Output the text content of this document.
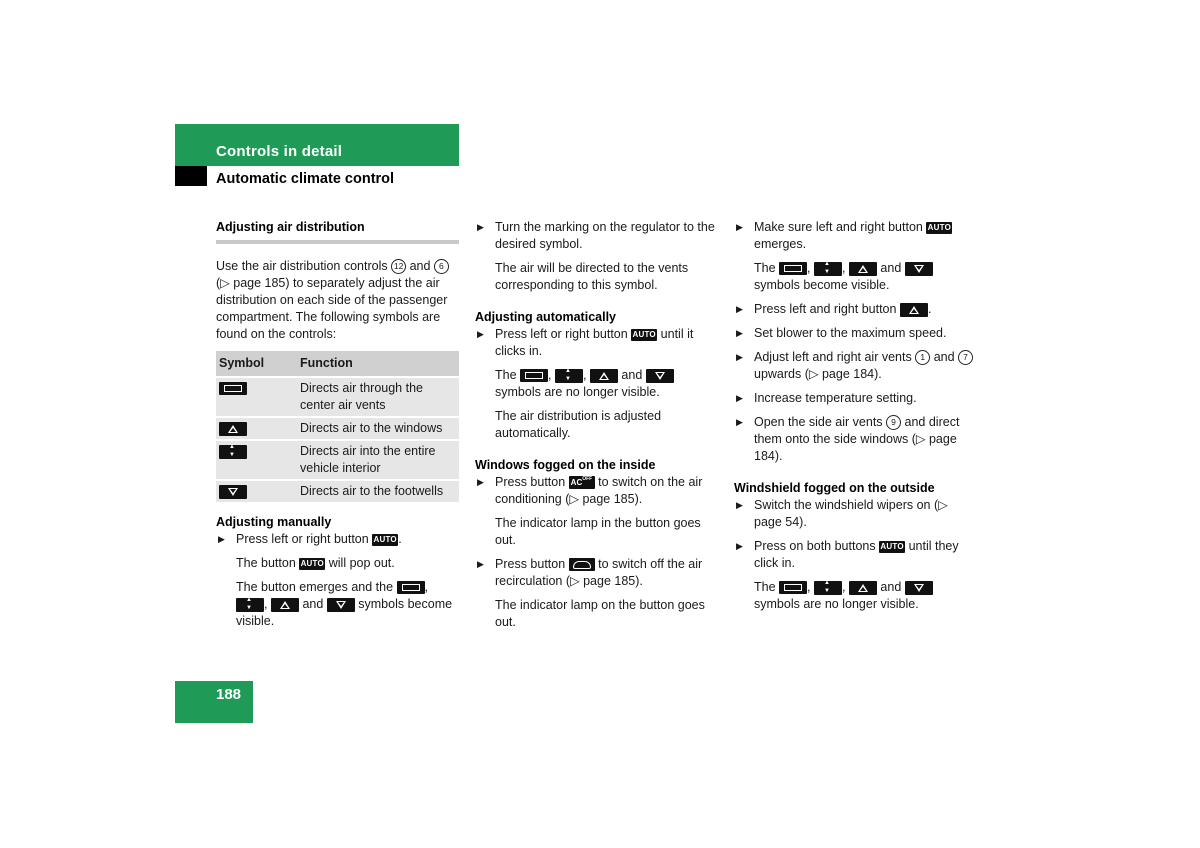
Controls in detail
Automatic climate control

Adjusting air distribution

Use the air distribution controls 12 and 6 (▷ page 185) to separately adjust the air distribution on each side of the passenger compartment. The following symbols are found on the controls:

Symbol	Function
	Directs air through the center air vents
	Directs air to the windows
▼ ▲	Directs air into the entire vehicle interior
	Directs air to the footwells

Adjusting manually

▶ Press left or right button AUTO.
The button AUTO will pop out.
The button emerges and the	, ▼ ▲,	and	symbols become visible.
▶ Turn the marking on the regulator to the desired symbol.
The air will be directed to the vents corresponding to this symbol.

Adjusting automatically

▶ Press left or right button AUTO until it clicks in.
The	, ▼ ▲,	and  symbols are no longer visible.
The air distribution is adjusted automatically.

Windows fogged on the inside

▶ Press button $AC^{OFF}$ to switch on the air conditioning (▷ page 185).
The indicator lamp in the button goes out.
▶ Press button	to switch off the air recirculation (▷ page 185).
The indicator lamp on the button goes out.
▶ Make sure left and right button AUTO emerges.
The	, ▼ ▲,	and  symbols become visible.
▶ Press left and right button	.
▶ Set blower to the maximum speed.
▶ Adjust left and right air vents 1 and 7 upwards (▷ page 184).
▶ Increase temperature setting.
▶ Open the side air vents 9 and direct them onto the side windows (▷ page 184).

Windshield fogged on the outside

▶ Switch the windshield wipers on (▷ page 54).
▶ Press on both buttons AUTO until they click in.
The	, ▼ ▲,	and  symbols are no longer visible.
188
